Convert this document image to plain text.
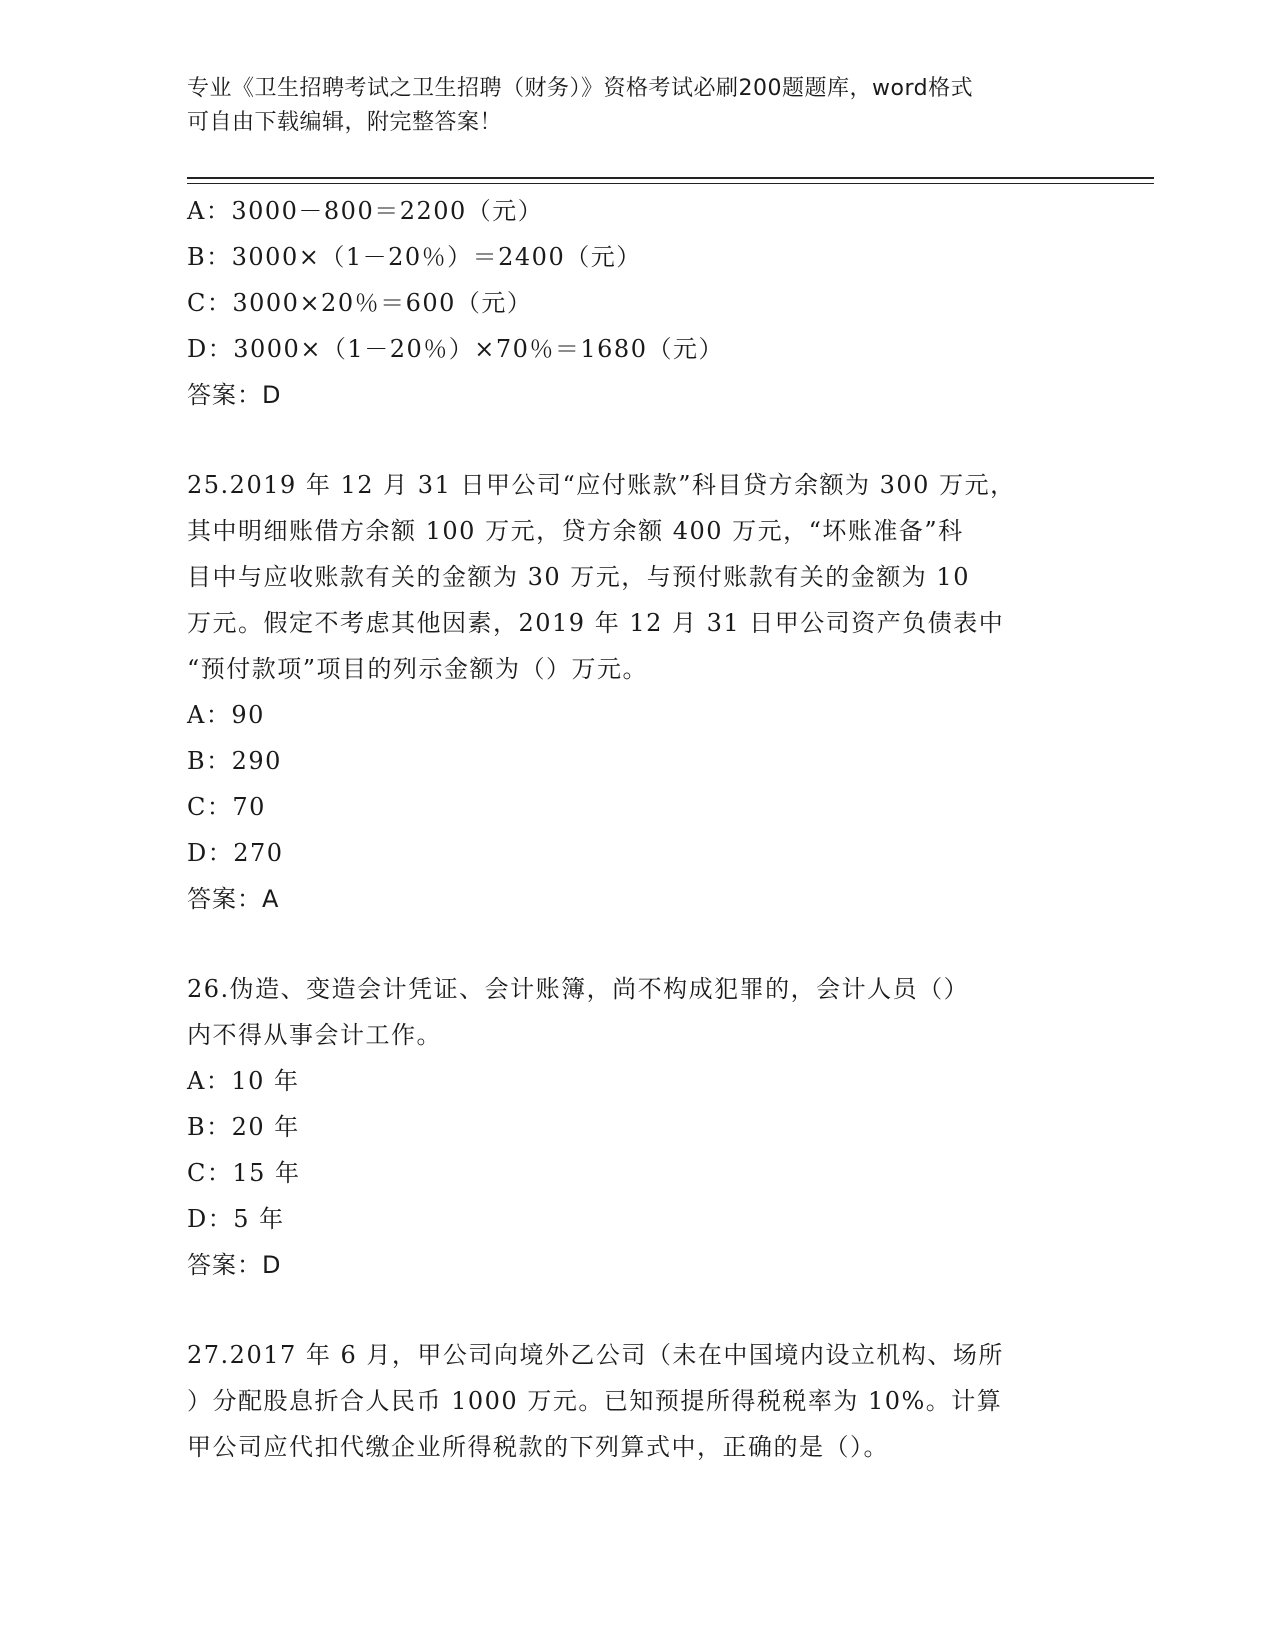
专业《卫生招聘考试之卫生招聘（财务）》资格考试必刷200题题库，word格式
可自由下载编辑，附完整答案！
A：3000－800＝2200（元）
B：3000×（1－20％）＝2400（元）
C：3000×20％＝600（元）
D：3000×（1－20％）×70％＝1680（元）
答案：D
25.2019 年 12 月 31 日甲公司“应付账款”科目贷方余额为 300 万元，
其中明细账借方余额 100 万元，贷方余额 400 万元，“坏账准备”科
目中与应收账款有关的金额为 30 万元，与预付账款有关的金额为 10
万元。假定不考虑其他因素，2019 年 12 月 31 日甲公司资产负债表中
“预付款项”项目的列示金额为（）万元。
A：90
B：290
C：70
D：270
答案：A
26.伪造、变造会计凭证、会计账簿，尚不构成犯罪的，会计人员（）
内不得从事会计工作。
A：10 年
B：20 年
C：15 年
D：5 年
答案：D
27.2017 年 6 月，甲公司向境外乙公司（未在中国境内设立机构、场所
）分配股息折合人民币 1000 万元。已知预提所得税税率为 10%。计算
甲公司应代扣代缴企业所得税款的下列算式中，正确的是（）。
